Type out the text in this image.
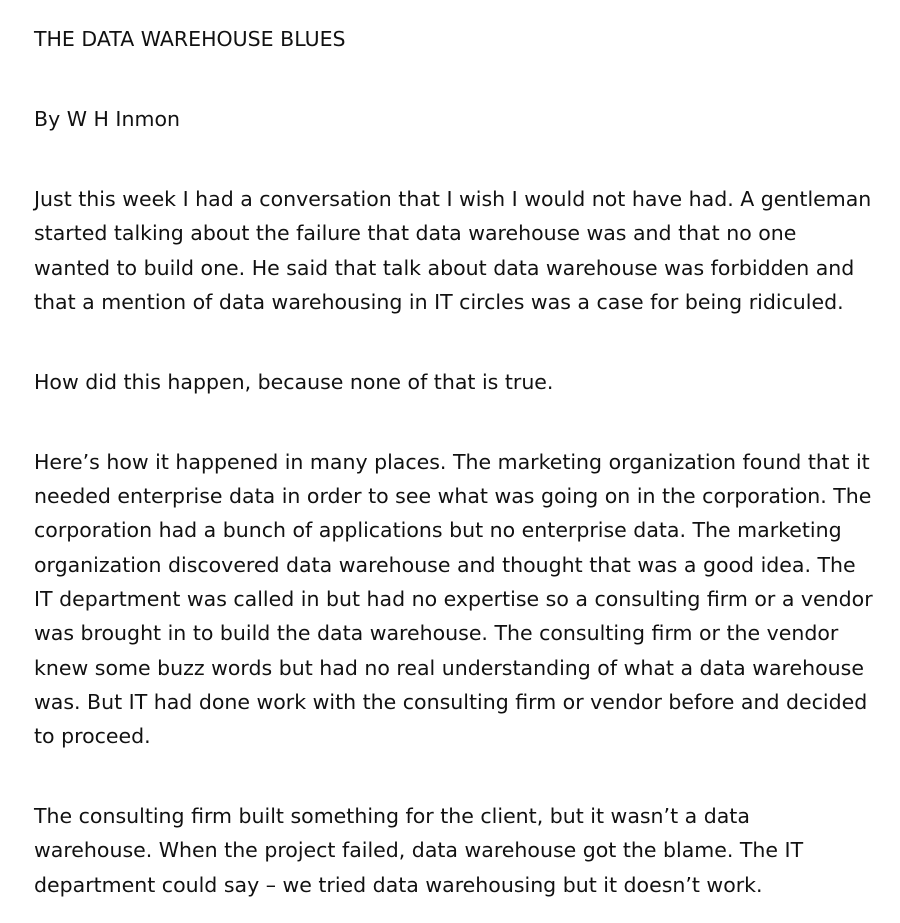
THE DATA WAREHOUSE BLUES

By W H Inmon

Just this week I had a conversation that I wish I would not have had. A gentleman started talking about the failure that data warehouse was and that no one wanted to build one. He said that talk about data warehouse was forbidden and that a mention of data warehousing in IT circles was a case for being ridiculed.

How did this happen, because none of that is true.

Here’s how it happened in many places. The marketing organization found that it needed enterprise data in order to see what was going on in the corporation. The corporation had a bunch of applications but no enterprise data. The marketing organization discovered data warehouse and thought that was a good idea. The IT department was called in but had no expertise so a consulting firm or a vendor was brought in to build the data warehouse. The consulting firm or the vendor knew some buzz words but had no real understanding of what a data warehouse was. But IT had done work with the consulting firm or vendor before and decided to proceed.

The consulting firm built something for the client, but it wasn’t a data warehouse. When the project failed, data warehouse got the blame. The IT department could say – we tried data warehousing but it doesn’t work.
